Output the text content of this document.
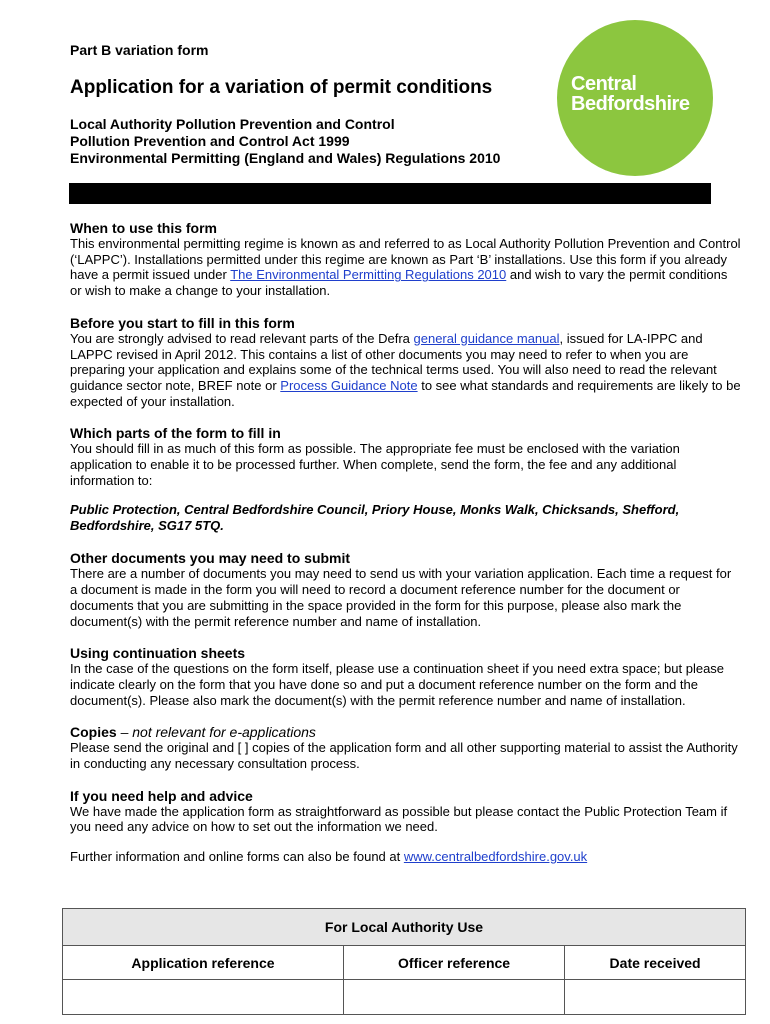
Part B variation form
Application for a variation of permit conditions
Local Authority Pollution Prevention and Control
Pollution Prevention and Control Act 1999
Environmental Permitting (England and Wales) Regulations 2010
Central
Bedfordshire
When to use this form

This environmental permitting regime is known as and referred to as Local Authority Pollution Prevention and Control (‘LAPPC’). Installations permitted under this regime are known as Part ‘B’ installations. Use this form if you already have a permit issued under The Environmental Permitting Regulations 2010 and wish to vary the permit conditions or wish to make a change to your installation.

Before you start to fill in this form

You are strongly advised to read relevant parts of the Defra general guidance manual, issued for LA-IPPC and LAPPC revised in April 2012. This contains a list of other documents you may need to refer to when you are preparing your application and explains some of the technical terms used. You will also need to read the relevant guidance sector note, BREF note or Process Guidance Note to see what standards and requirements are likely to be expected of your installation.

Which parts of the form to fill in

You should fill in as much of this form as possible. The appropriate fee must be enclosed with the variation application to enable it to be processed further. When complete, send the form, the fee and any additional information to:

Public Protection, Central Bedfordshire Council, Priory House, Monks Walk, Chicksands, Shefford, Bedfordshire, SG17 5TQ.

Other documents you may need to submit

There are a number of documents you may need to send us with your variation application. Each time a request for a document is made in the form you will need to record a document reference number for the document or documents that you are submitting in the space provided in the form for this purpose, please also mark the document(s) with the permit reference number and name of installation.

Using continuation sheets

In the case of the questions on the form itself, please use a continuation sheet if you need extra space; but please indicate clearly on the form that you have done so and put a document reference number on the form and the document(s). Please also mark the document(s) with the permit reference number and name of installation.

Copies – not relevant for e-applications

Please send the original and [ ] copies of the application form and all other supporting material to assist the Authority in conducting any necessary consultation process.

If you need help and advice

We have made the application form as straightforward as possible but please contact the Public Protection Team if you need any advice on how to set out the information we need.

Further information and online forms can also be found at www.centralbedfordshire.gov.uk

For Local Authority Use		
Application reference	Officer reference	Date received
